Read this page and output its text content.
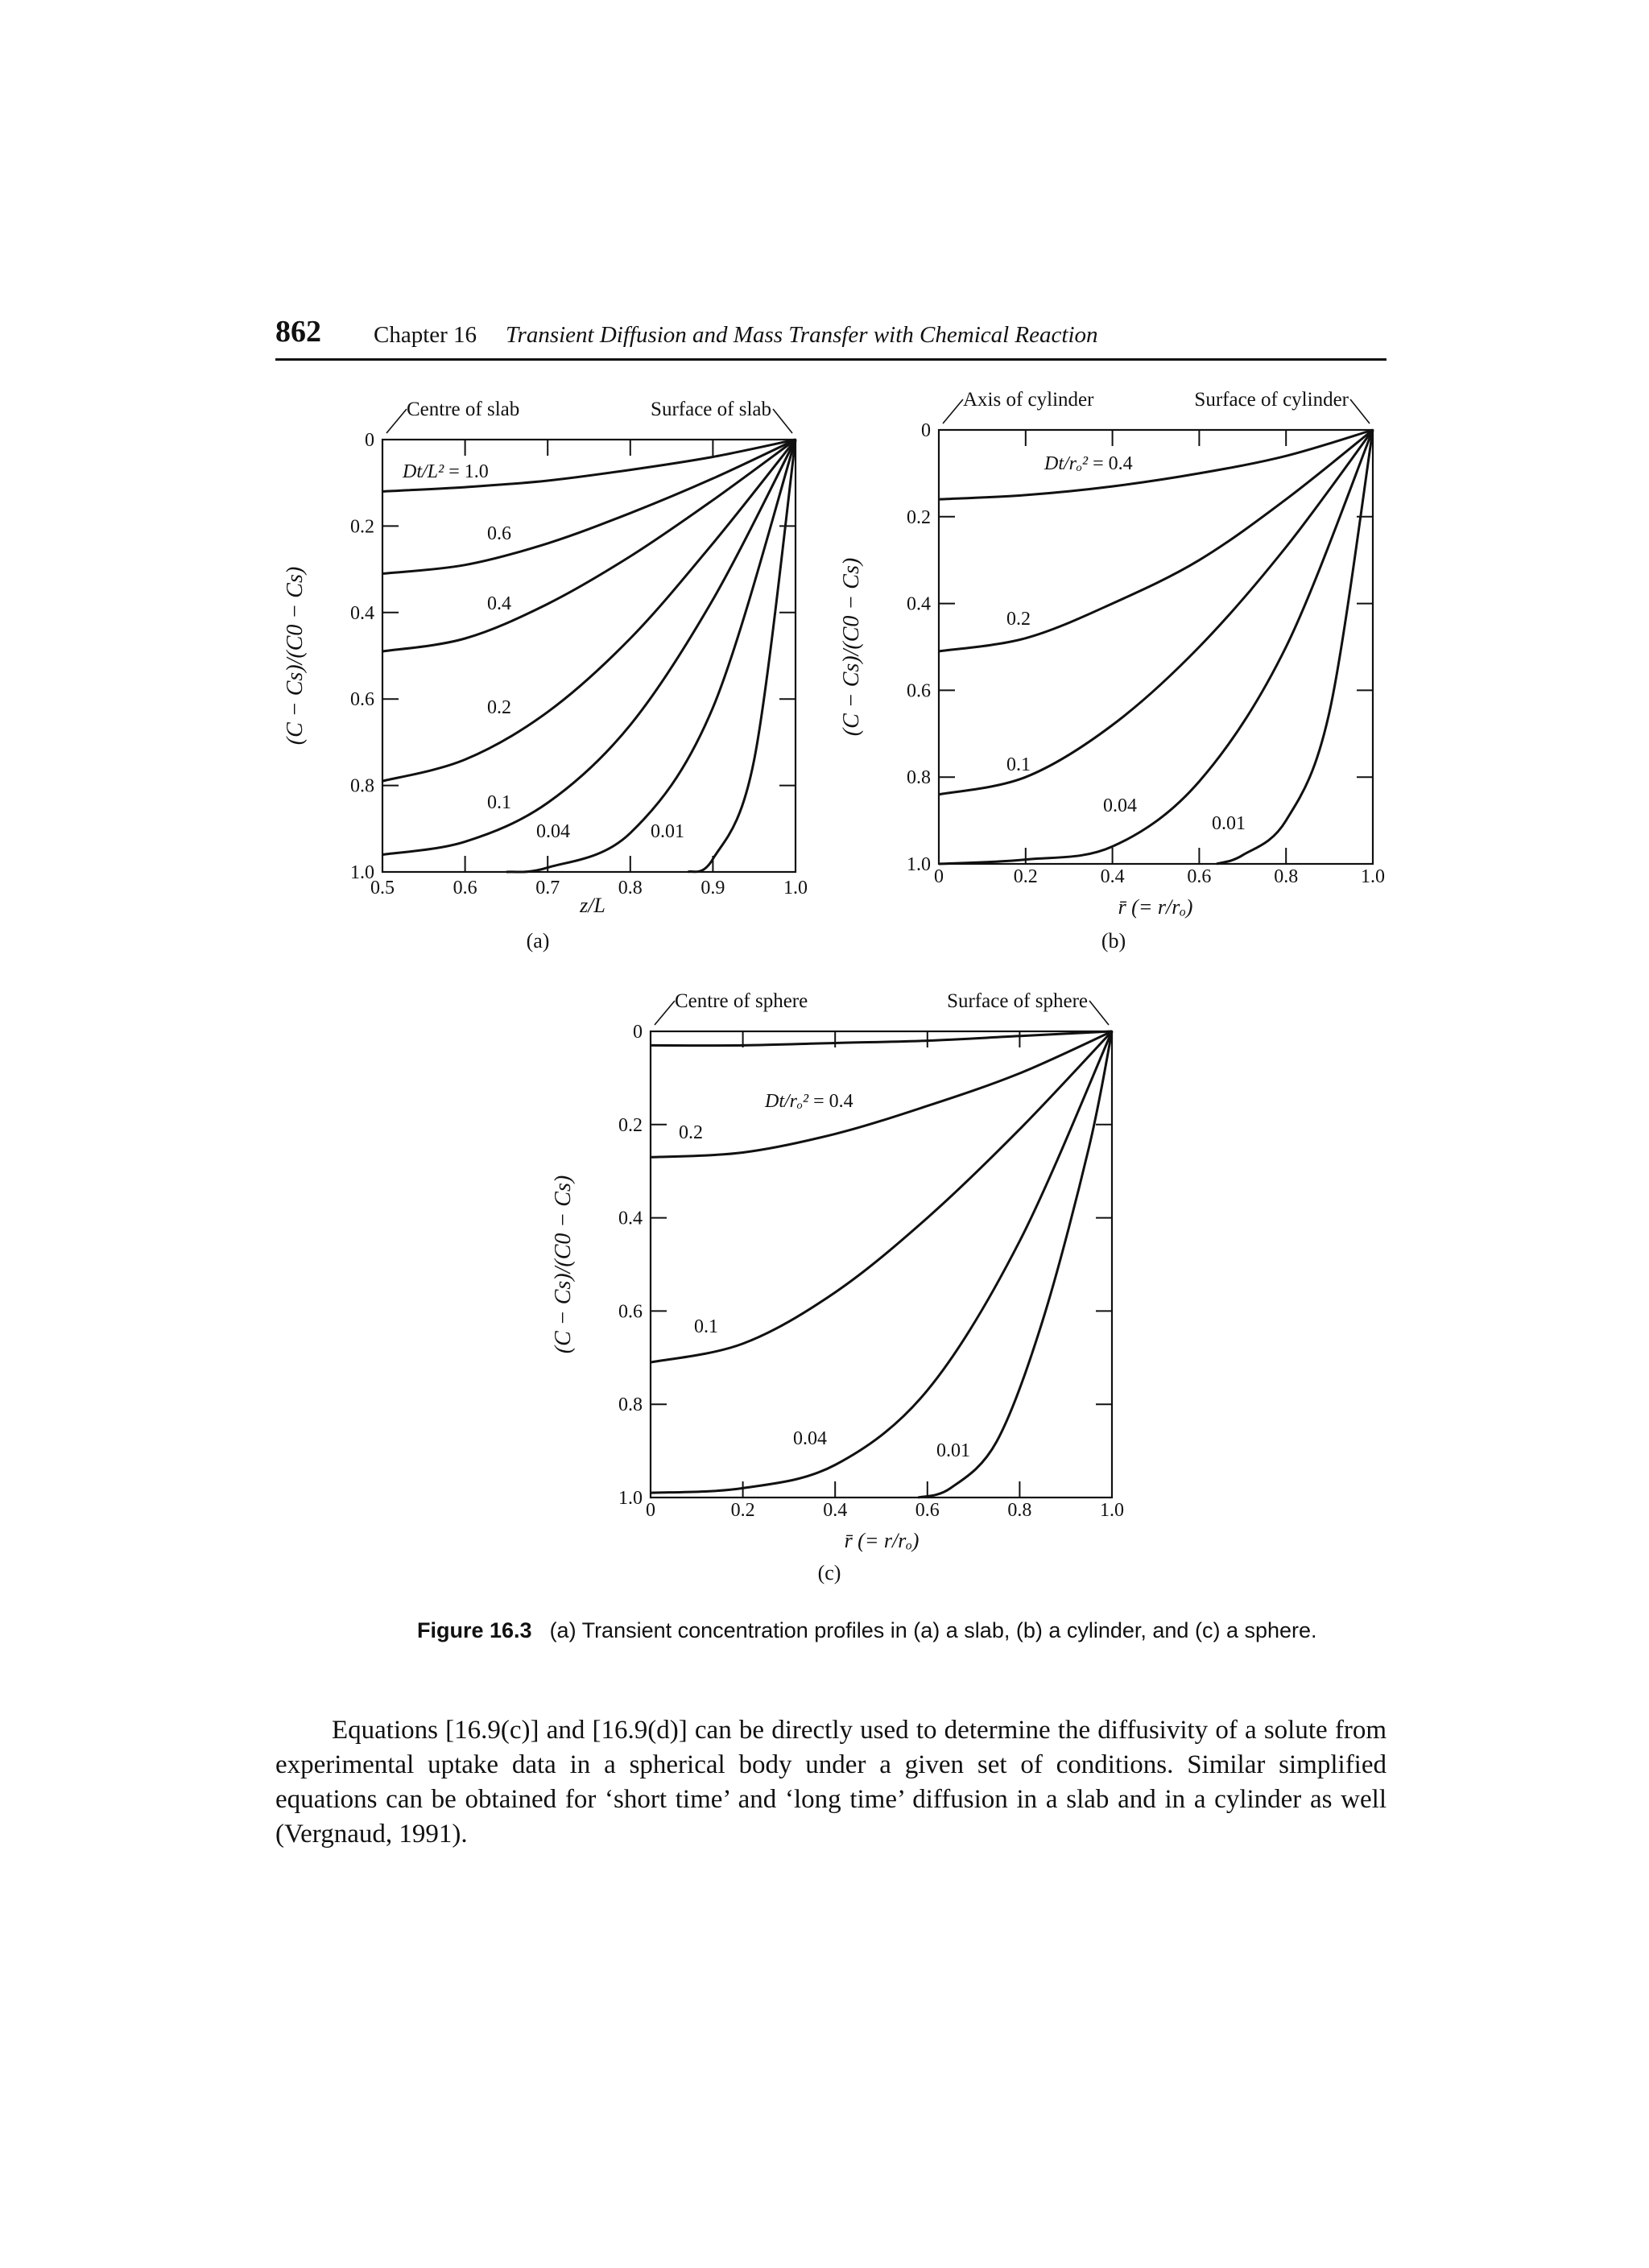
862 Chapter 16 Transient Diffusion and Mass Transfer with Chemical Reaction
0
0.2
0.4
0.6
0.8
1.0
0.5	0.6	0.7	0.8	0.9	1.0
z/L
(C − Cs)/(C0 − Cs)
(a)
Centre of slab	Surface of slab
Dt/L² = 1.0
0.6
0.4
0.2
0.1
0.04	0.01
0
0.2
0.4
0.6
0.8
1.0
0	0.2	0.4	0.6	0.8	1.0
r̄ (= r/rₒ)
(C − Cs)/(C0 − Cs)
(b)
Axis of cylinder	Surface of cylinder
Dt/rₒ² = 0.4
0.2
0.1
0.04
0.01
0
0.2
0.4
0.6
0.8
1.0
0	0.2	0.4	0.6	0.8	1.0
r̄ (= r/rₒ)
(C − Cs)/(C0 − Cs)
(c)
Centre of sphere	Surface of sphere
Dt/rₒ² = 0.4
0.2
0.1
0.04
0.01
Figure 16.3 (a) Transient concentration profiles in (a) a slab, (b) a cylinder, and (c) a sphere.

Equations [16.9(c)] and [16.9(d)] can be directly used to determine the diffusivity of a solute from experimental uptake data in a spherical body under a given set of conditions. Similar simplified equations can be obtained for ‘short time’ and ‘long time’ diffusion in a slab and in a cylinder as well (Vergnaud, 1991).
